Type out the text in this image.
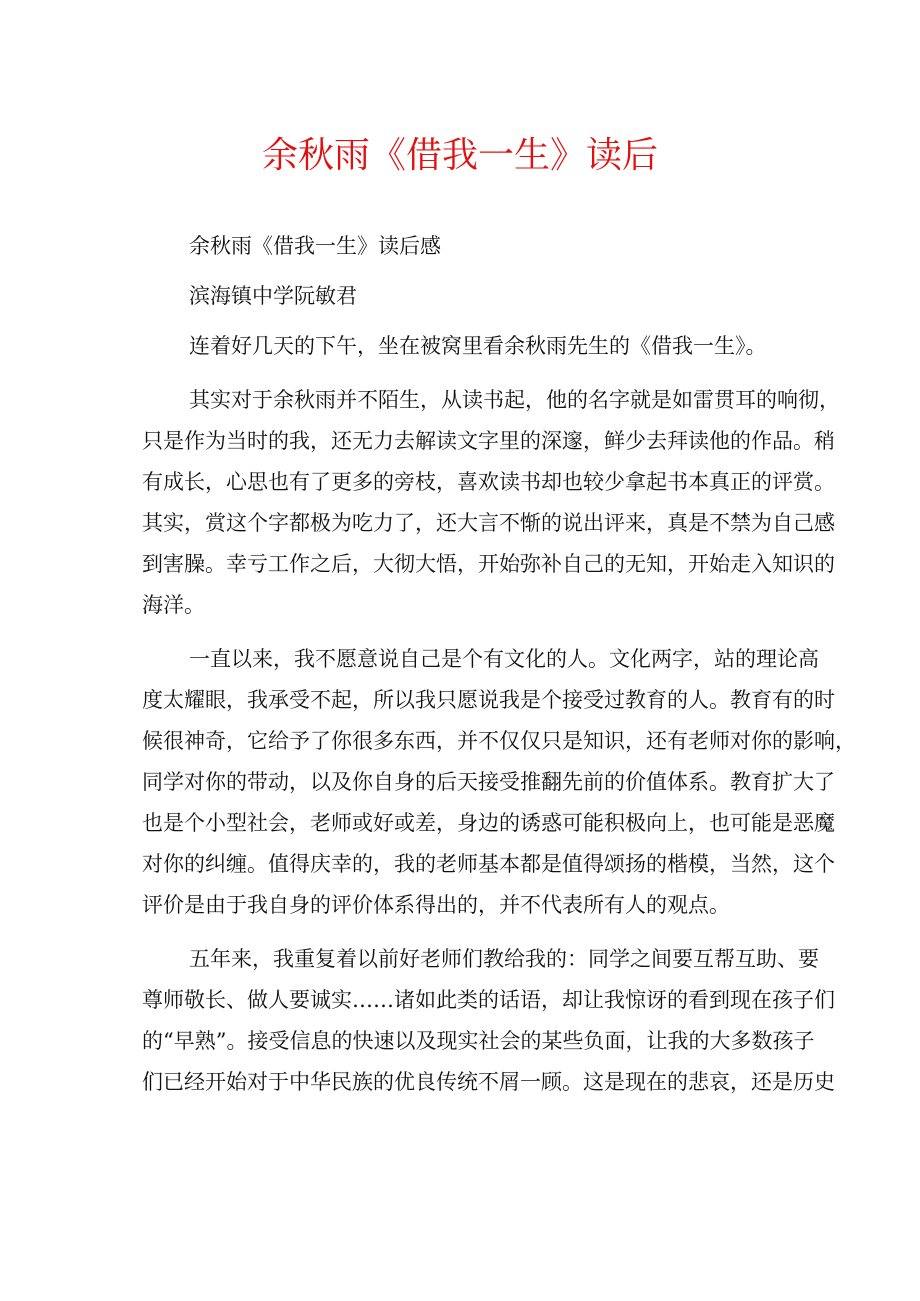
余秋雨《借我一生》读后
余秋雨《借我一生》读后感
滨海镇中学阮敏君
连着好几天的下午，坐在被窝里看余秋雨先生的《借我一生》。
其实对于余秋雨并不陌生，从读书起，他的名字就是如雷贯耳的响彻，
只是作为当时的我，还无力去解读文字里的深邃，鲜少去拜读他的作品。稍
有成长，心思也有了更多的旁枝，喜欢读书却也较少拿起书本真正的评赏。
其实，赏这个字都极为吃力了，还大言不惭的说出评来，真是不禁为自己感
到害臊。幸亏工作之后，大彻大悟，开始弥补自己的无知，开始走入知识的
海洋。
一直以来，我不愿意说自己是个有文化的人。文化两字，站的理论高
度太耀眼，我承受不起，所以我只愿说我是个接受过教育的人。教育有的时
候很神奇，它给予了你很多东西，并不仅仅只是知识，还有老师对你的影响，
同学对你的带动，以及你自身的后天接受推翻先前的价值体系。教育扩大了
也是个小型社会，老师或好或差，身边的诱惑可能积极向上，也可能是恶魔
对你的纠缠。值得庆幸的，我的老师基本都是值得颂扬的楷模，当然，这个
评价是由于我自身的评价体系得出的，并不代表所有人的观点。
五年来，我重复着以前好老师们教给我的：同学之间要互帮互助、要
尊师敬长、做人要诚实……诸如此类的话语，却让我惊讶的看到现在孩子们
的“早熟”。接受信息的快速以及现实社会的某些负面，让我的大多数孩子
们已经开始对于中华民族的优良传统不屑一顾。这是现在的悲哀，还是历史
